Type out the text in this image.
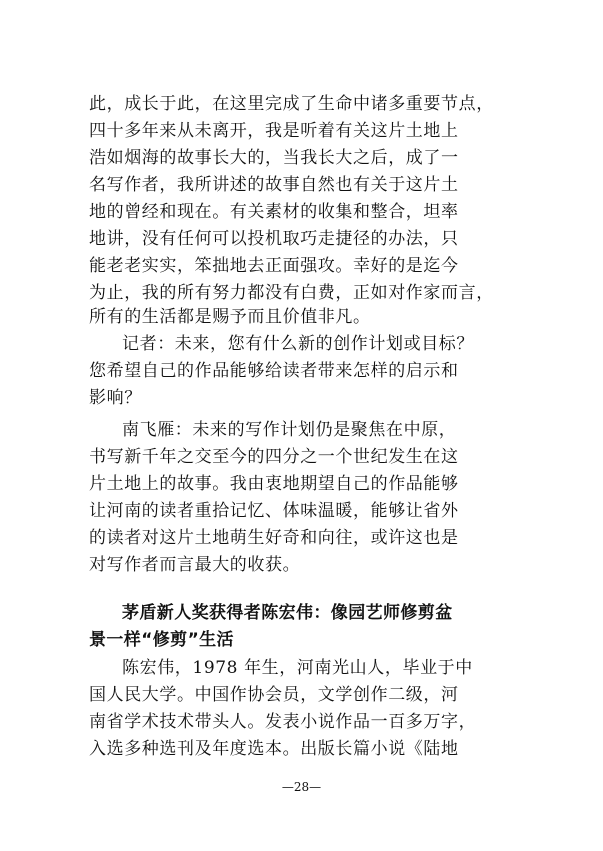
此，成长于此，在这里完成了生命中诸多重要节点，
四十多年来从未离开，我是听着有关这片土地上
浩如烟海的故事长大的，当我长大之后，成了一
名写作者，我所讲述的故事自然也有关于这片土
地的曾经和现在。有关素材的收集和整合，坦率
地讲，没有任何可以投机取巧走捷径的办法，只
能老老实实，笨拙地去正面强攻。幸好的是迄今
为止，我的所有努力都没有白费，正如对作家而言，
所有的生活都是赐予而且价值非凡。
记者：未来，您有什么新的创作计划或目标？
您希望自己的作品能够给读者带来怎样的启示和
影响？
南飞雁：未来的写作计划仍是聚焦在中原，
书写新千年之交至今的四分之一个世纪发生在这
片土地上的故事。我由衷地期望自己的作品能够
让河南的读者重拾记忆、体味温暖，能够让省外
的读者对这片土地萌生好奇和向往，或许这也是
对写作者而言最大的收获。
茅盾新人奖获得者陈宏伟：像园艺师修剪盆
景一样“修剪”生活
陈宏伟，1978 年生，河南光山人，毕业于中
国人民大学。中国作协会员，文学创作二级，河
南省学术技术带头人。发表小说作品一百多万字，
入选多种选刊及年度选本。出版长篇小说《陆地
—28—
